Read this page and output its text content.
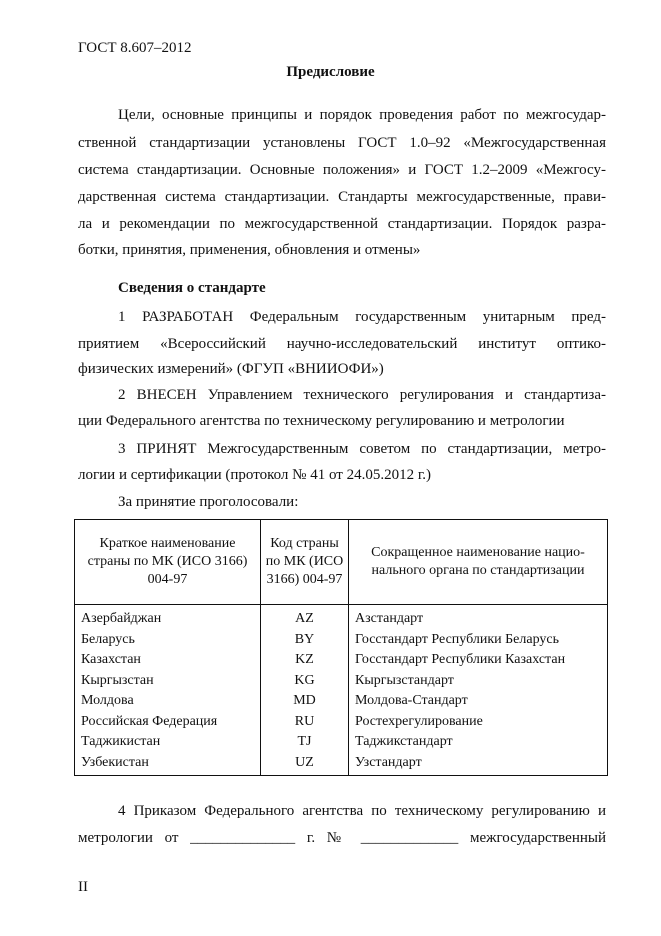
ГОСТ 8.607–2012
Предисловие
Цели, основные принципы и порядок проведения работ по межгосудар-
ственной стандартизации установлены ГОСТ 1.0–92 «Межгосударственная
система стандартизации. Основные положения» и ГОСТ 1.2–2009 «Межгосу-
дарственная система стандартизации. Стандарты межгосударственные, прави-
ла и рекомендации по межгосударственной стандартизации. Порядок разра-
ботки, принятия, применения, обновления и отмены»
Сведения о стандарте
1 РАЗРАБОТАН Федеральным государственным унитарным пред-
приятием «Всероссийский научно-исследовательский институт оптико-
физических измерений» (ФГУП «ВНИИОФИ»)
2 ВНЕСЕН Управлением технического регулирования и стандартиза-
ции Федерального агентства по техническому регулированию и метрологии
3 ПРИНЯТ Межгосударственным советом по стандартизации, метро-
логии и сертификации (протокол № 41 от 24.05.2012 г.)
За принятие проголосовали:
Краткое наименование страны по МК (ИСО 3166) 004-97	Код страны по МК (ИСО 3166) 004-97	Сокращенное наименование нацио-нального органа по стандартизации
Азербайджан	AZ	Азстандарт
Беларусь	BY	Госстандарт Республики Беларусь
Казахстан	KZ	Госстандарт Республики Казахстан
Кыргызстан	KG	Кыргызстандарт
Молдова	MD	Молдова-Стандарт
Российская Федерация	RU	Ростехрегулирование
Таджикистан	TJ	Таджикстандарт
Узбекистан	UZ	Узстандарт
4 Приказом Федерального агентства по техническому регулированию и
метрологии от ______________ г. № _____________ межгосударственный
II
